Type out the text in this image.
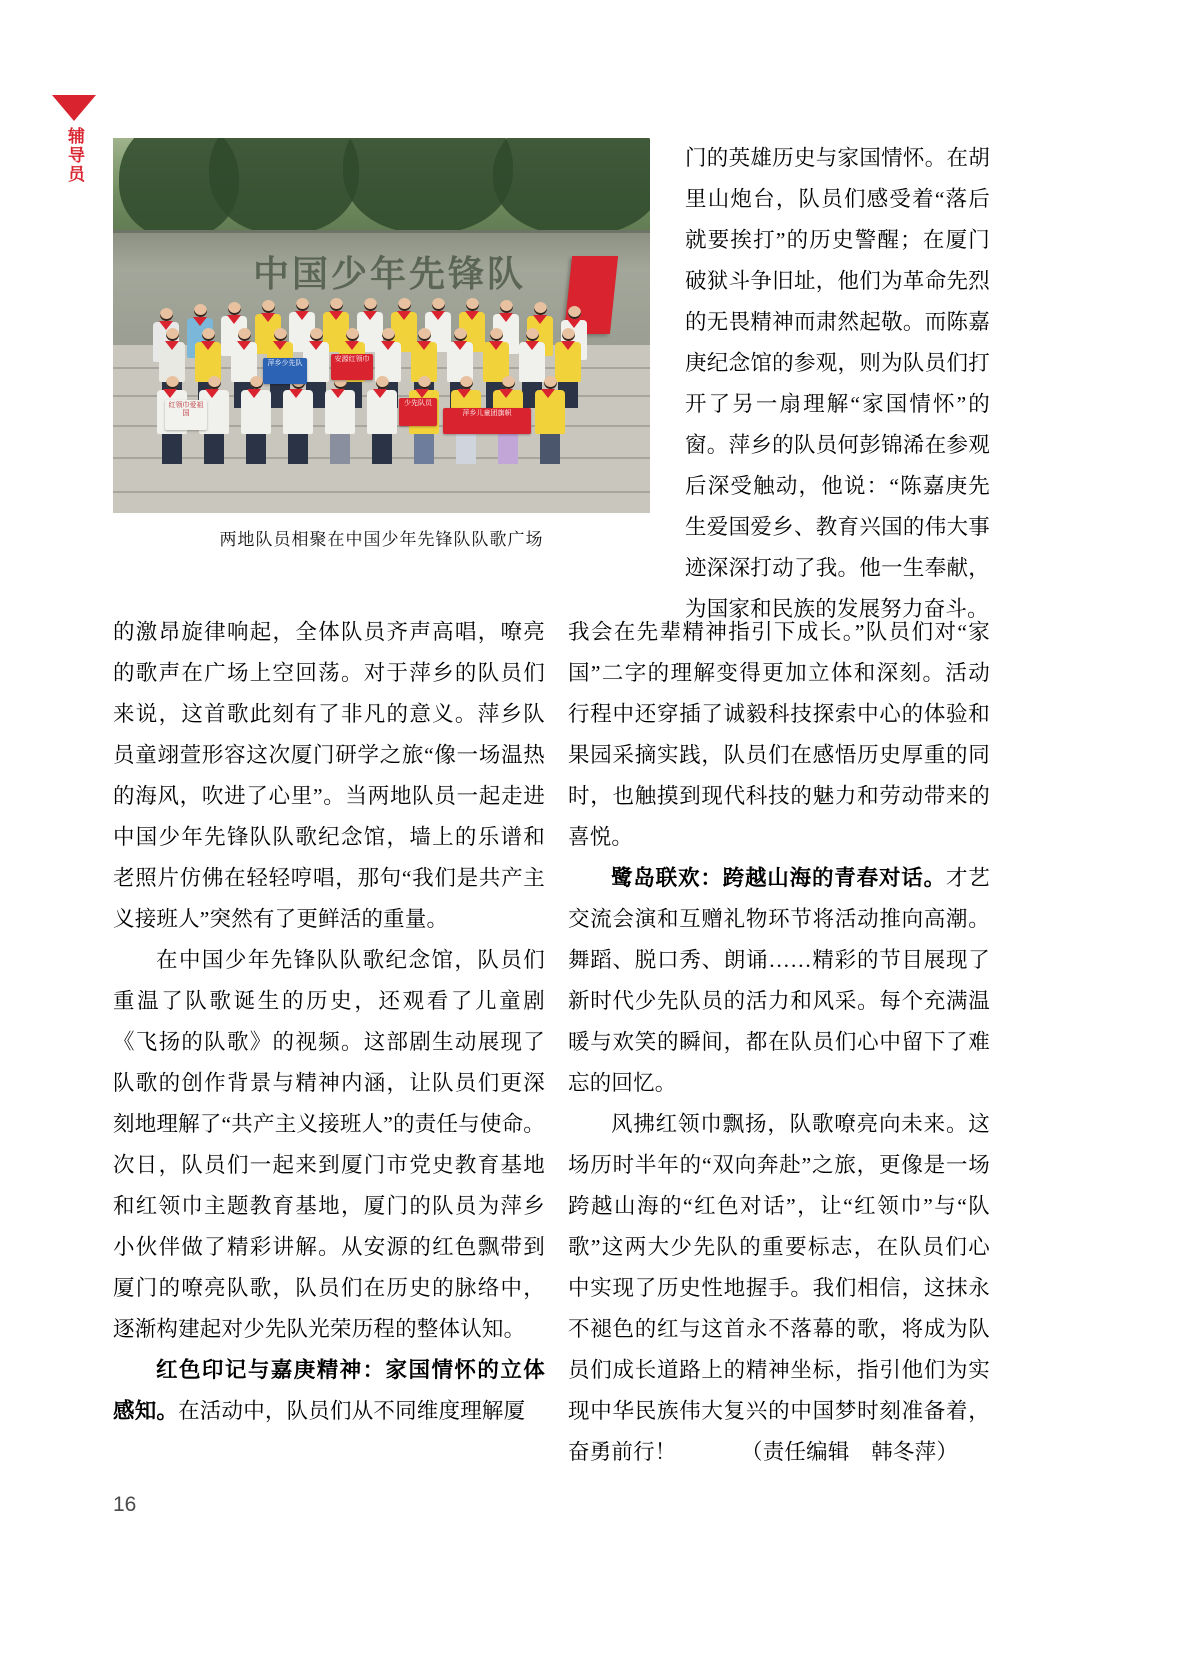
辅导员
中国少年先锋队
红领巾爱祖国
萍乡少先队	安源红领巾
少先队员
萍乡儿童团旗帜
两地队员相聚在中国少年先锋队队歌广场

门的英雄历史与家国情怀。在胡里山炮台，队员们感受着“落后就要挨打”的历史警醒；在厦门破狱斗争旧址，他们为革命先烈的无畏精神而肃然起敬。而陈嘉庚纪念馆的参观，则为队员们打开了另一扇理解“家国情怀”的窗。萍乡的队员何彭锦浠在参观后深受触动，他说：“陈嘉庚先生爱国爱乡、教育兴国的伟大事迹深深打动了我。他一生奉献，为国家和民族的发展努力奋斗。

的激昂旋律响起，全体队员齐声高唱，嘹亮的歌声在广场上空回荡。对于萍乡的队员们来说，这首歌此刻有了非凡的意义。萍乡队员童翊萱形容这次厦门研学之旅“像一场温热的海风，吹进了心里”。当两地队员一起走进中国少年先锋队队歌纪念馆，墙上的乐谱和老照片仿佛在轻轻哼唱，那句“我们是共产主义接班人”突然有了更鲜活的重量。

在中国少年先锋队队歌纪念馆，队员们重温了队歌诞生的历史，还观看了儿童剧《飞扬的队歌》的视频。这部剧生动展现了队歌的创作背景与精神内涵，让队员们更深刻地理解了“共产主义接班人”的责任与使命。次日，队员们一起来到厦门市党史教育基地和红领巾主题教育基地，厦门的队员为萍乡小伙伴做了精彩讲解。从安源的红色飘带到厦门的嘹亮队歌，队员们在历史的脉络中，逐渐构建起对少先队光荣历程的整体认知。

红色印记与嘉庚精神：家国情怀的立体感知。在活动中，队员们从不同维度理解厦

我会在先辈精神指引下成长。”队员们对“家国”二字的理解变得更加立体和深刻。活动行程中还穿插了诚毅科技探索中心的体验和果园采摘实践，队员们在感悟历史厚重的同时，也触摸到现代科技的魅力和劳动带来的喜悦。

鹭岛联欢：跨越山海的青春对话。才艺交流会演和互赠礼物环节将活动推向高潮。舞蹈、脱口秀、朗诵……精彩的节目展现了新时代少先队员的活力和风采。每个充满温暖与欢笑的瞬间，都在队员们心中留下了难忘的回忆。

风拂红领巾飘扬，队歌嘹亮向未来。这场历时半年的“双向奔赴”之旅，更像是一场跨越山海的“红色对话”，让“红领巾”与“队歌”这两大少先队的重要标志，在队员们心中实现了历史性地握手。我们相信，这抹永不褪色的红与这首永不落幕的歌，将成为队员们成长道路上的精神坐标，指引他们为实现中华民族伟大复兴的中国梦时刻准备着，奋勇前行！	（责任编辑　韩冬萍）

16
